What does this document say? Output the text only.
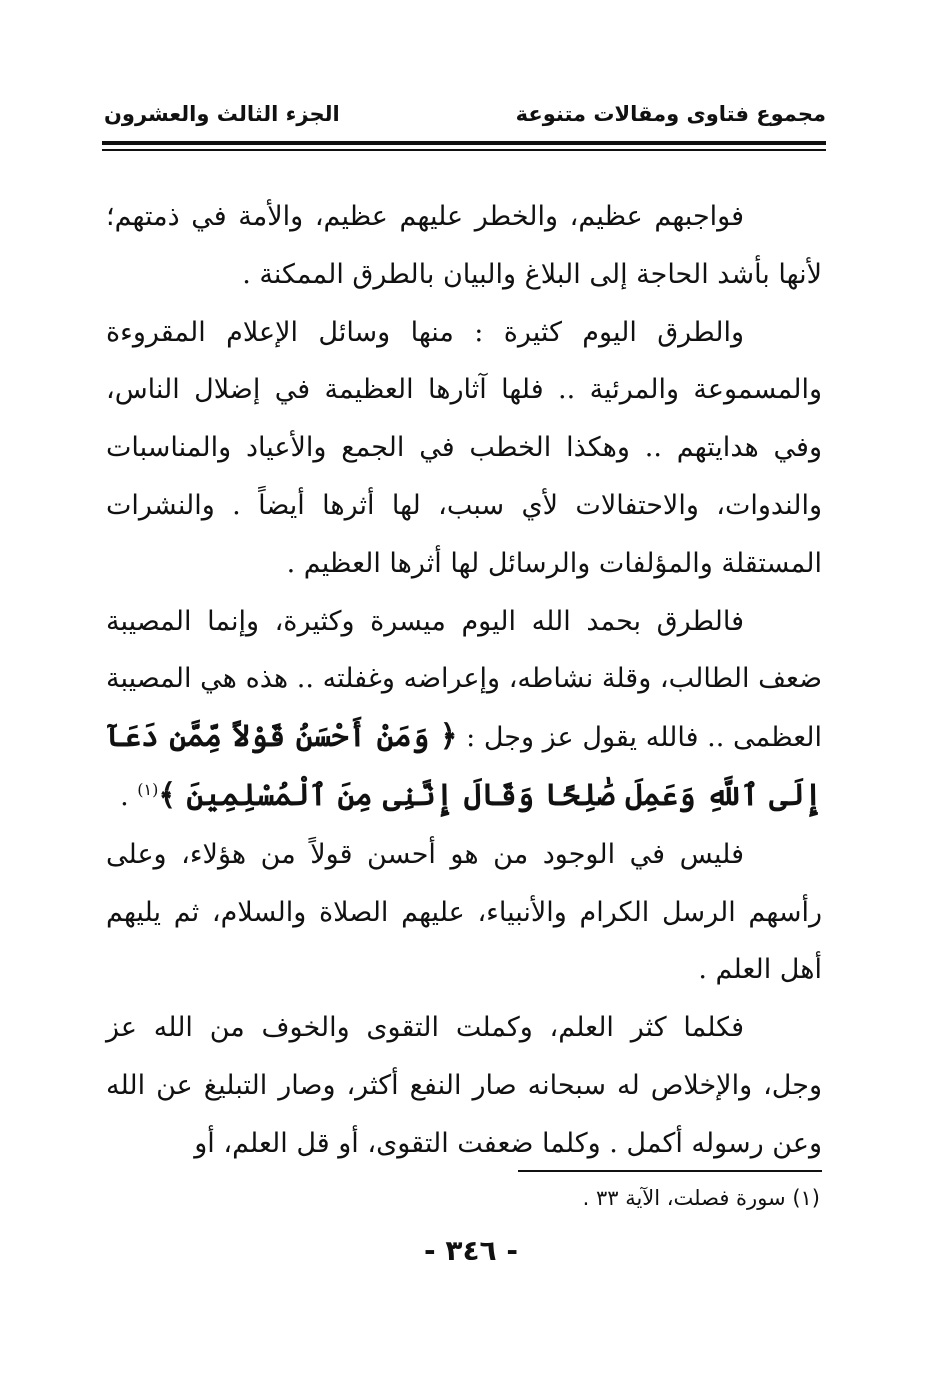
مجموع فتاوى ومقالات متنوعة
الجزء الثالث والعشرون

فواجبهم عظيم، والخطر عليهم عظيم، والأمة في ذمتهم؛ لأنها بأشد الحاجة إلى البلاغ والبيان بالطرق الممكنة .

والطرق اليوم كثيرة : منها وسائل الإعلام المقروءة والمسموعة والمرئية .. فلها آثارها العظيمة في إضلال الناس، وفي هدايتهم .. وهكذا الخطب في الجمع والأعياد والمناسبات والندوات، والاحتفالات لأي سبب، لها أثرها أيضاً . والنشرات المستقلة والمؤلفات والرسائل لها أثرها العظيم .

فالطرق بحمد الله اليوم ميسرة وكثيرة، وإنما المصيبة ضعف الطالب، وقلة نشاطه، وإعراضه وغفلته .. هذه هي المصيبة العظمى .. فالله يقول عز وجل : ﴿ وَمَنْ أَحْسَنُ قَوْلاً مِّمَّن دَعَآ إِلَى ٱللَّهِ وَعَمِلَ صَٰلِحًا وَقَالَ إِنَّنِى مِنَ ٱلْمُسْلِمِينَ ﴾$^{(١)}$ .

فليس في الوجود من هو أحسن قولاً من هؤلاء، وعلى رأسهم الرسل الكرام والأنبياء، عليهم الصلاة والسلام، ثم يليهم أهل العلم .

فكلما كثر العلم، وكملت التقوى والخوف من الله عز وجل، والإخلاص له سبحانه صار النفع أكثر، وصار التبليغ عن الله وعن رسوله أكمل . وكلما ضعفت التقوى، أو قل العلم، أو

(١) سورة فصلت، الآية ٣٣ .
- ٣٤٦ -
